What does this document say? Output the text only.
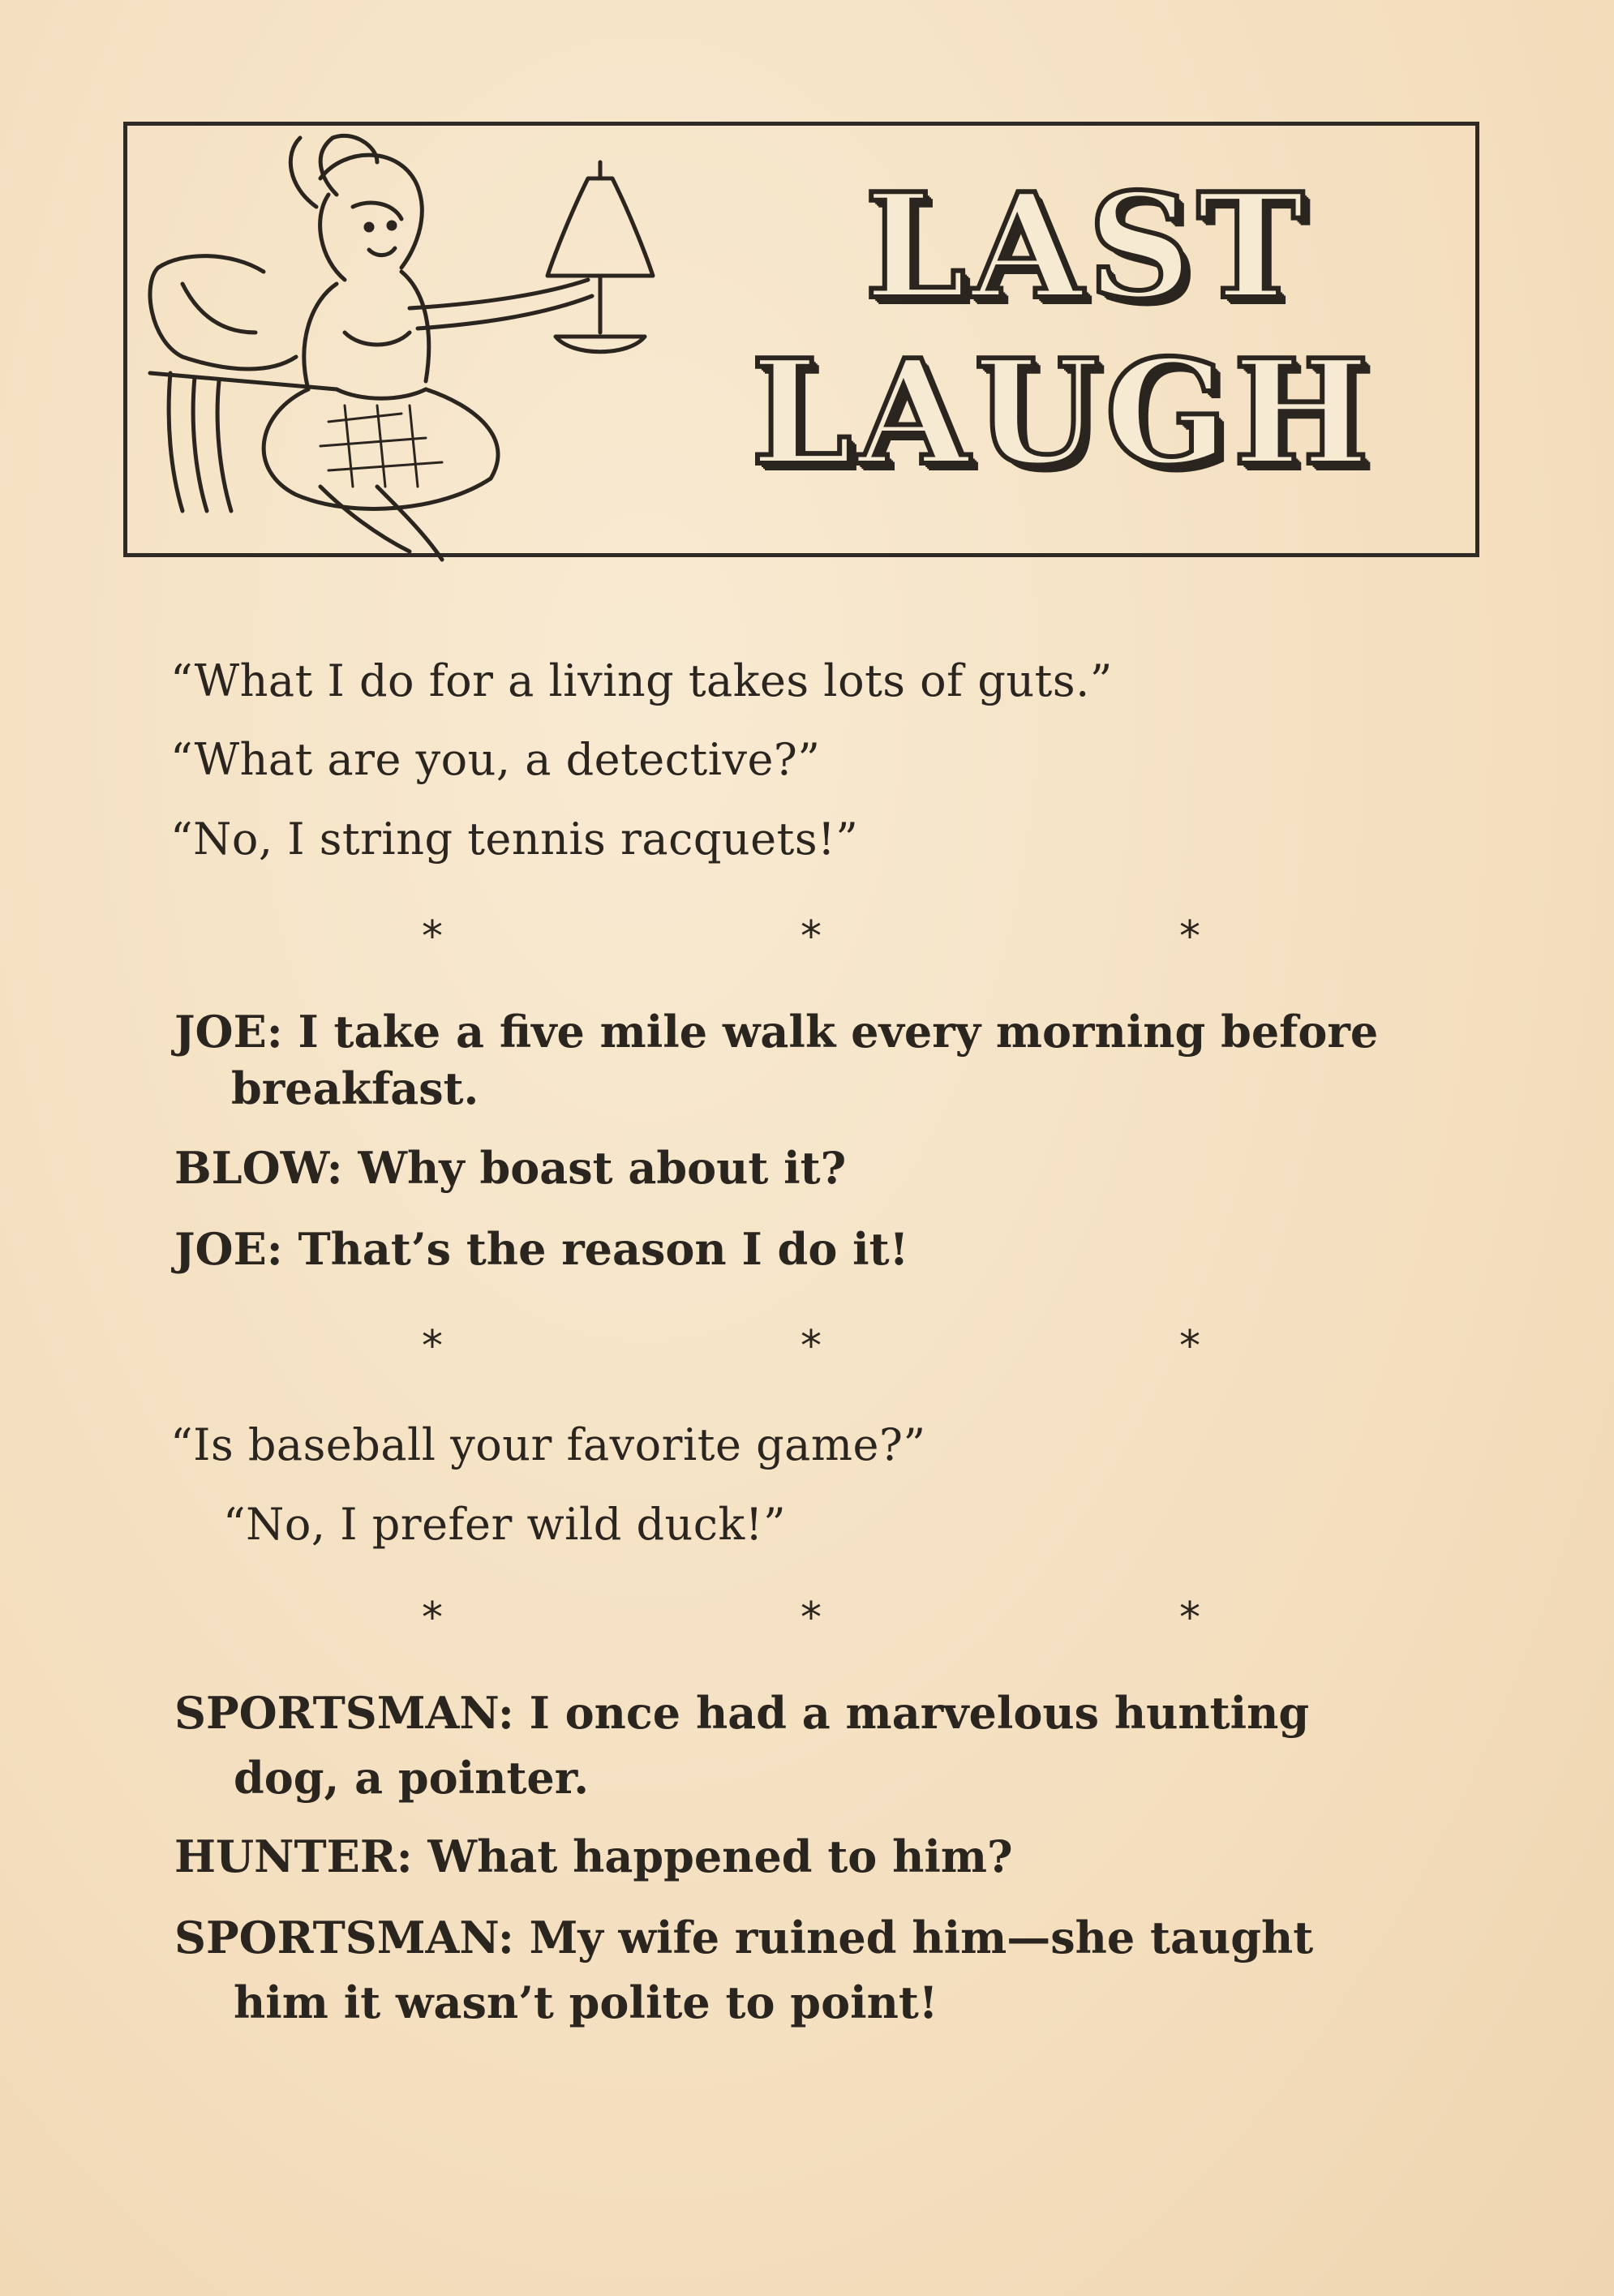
LAST
LAUGH
“What I do for a living takes lots of guts.”
“What are you, a detective?”
“No, I string tennis racquets!”
*	*	*
JOE: I take a five mile walk every morning before
breakfast.
BLOW: Why boast about it?
JOE: That’s the reason I do it!
*	*	*
“Is baseball your favorite game?”
“No, I prefer wild duck!”
*	*	*
SPORTSMAN: I once had a marvelous hunting
dog, a pointer.
HUNTER: What happened to him?
SPORTSMAN: My wife ruined him—she taught
him it wasn’t polite to point!
